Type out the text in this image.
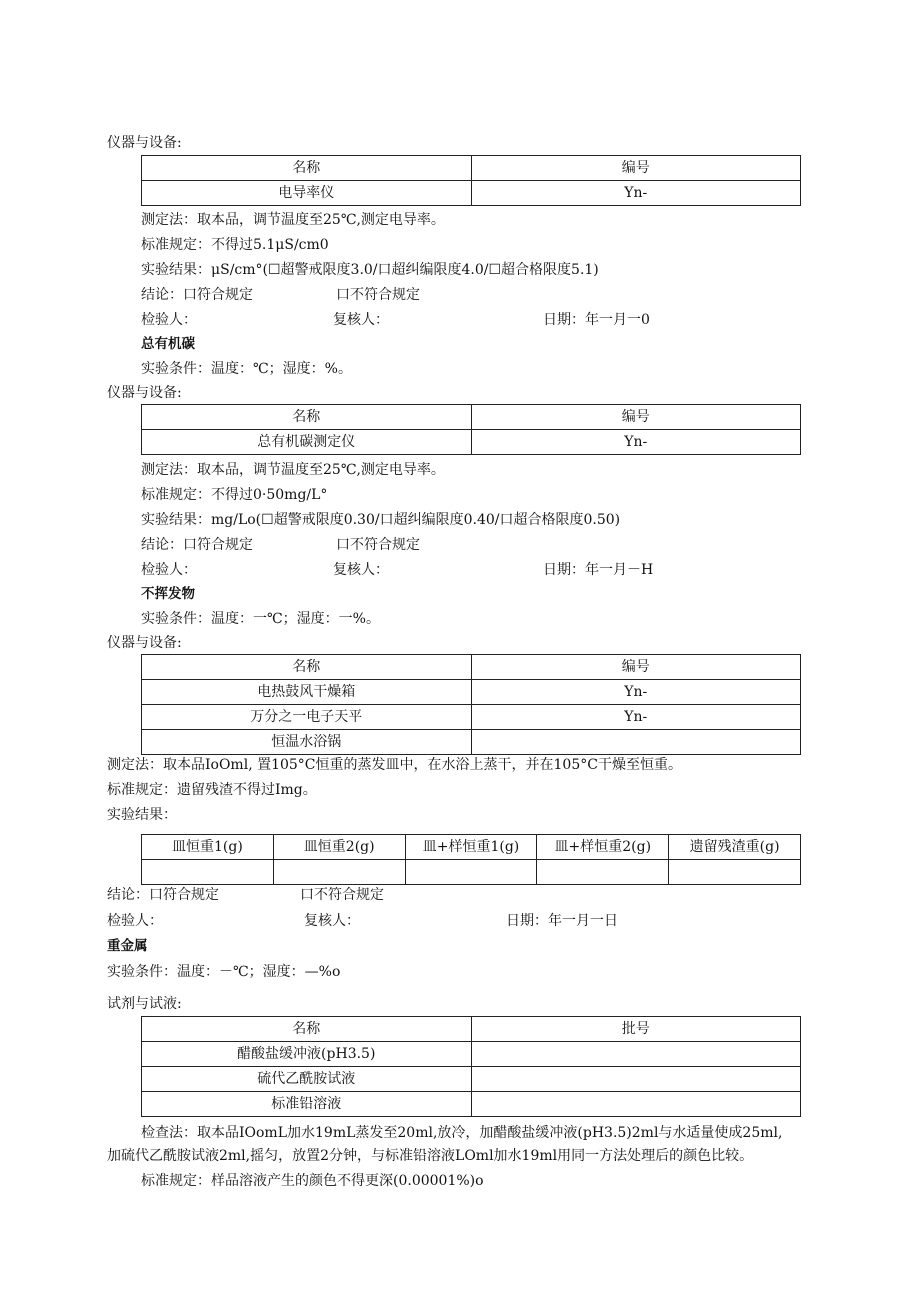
仪器与设备:
名称	编号
电导率仪	Yn-
测定法：取本品，调节温度至25℃,测定电导率。
标准规定：不得过5.1μS∕cm0
实验结果：μS∕cm°(☐超警戒限度3.0/口超纠编限度4.0/☐超合格限度5.1)
结论：口符合规定	口不符合规定
检验人：	复核人：	日期：年一月一0
总有机碳
实验条件：温度：℃；湿度：%。
仪器与设备:
名称	编号
总有机碳测定仪	Yn-
测定法：取本品，调节温度至25℃,测定电导率。
标准规定：不得过0·50mg∕L°
实验结果：mg/Lo(☐超警戒限度0.30/口超纠编限度0.40/口超合格限度0.50)
结论：口符合规定	口不符合规定
检验人：	复核人：	日期：年一月－H
不挥发物
实验条件：温度：一℃；湿度：一%。
仪器与设备:
名称	编号
电热鼓风干燥箱	Yn-
万分之一电子天平	Yn-
恒温水浴锅	
测定法：取本品IoOml, 置105°C恒重的蒸发皿中，在水浴上蒸干，并在105°C干燥至恒重。
标准规定：遗留残渣不得过Img。
实验结果：
皿恒重1(g)	皿恒重2(g)	皿+样恒重1(g)	皿+样恒重2(g)	遗留残渣重(g)

结论：口符合规定	口不符合规定
检验人：	复核人：	日期：年一月一日
重金属
实验条件：温度：－℃；湿度：—%o
试剂与试液:
名称	批号
醋酸盐缓冲液(pH3.5)	
硫代乙酰胺试液	
标准铅溶液	
检查法：取本品IOomL加水19mL蒸发至20ml,放冷，加醋酸盐缓冲液(pH3.5)2ml与水适量使成25ml,
加硫代乙酰胺试液2ml,摇匀，放置2分钟，与标准铅溶液LOml加水19ml用同一方法处理后的颜色比较。
标准规定：样品溶液产生的颜色不得更深(0.00001%)o
